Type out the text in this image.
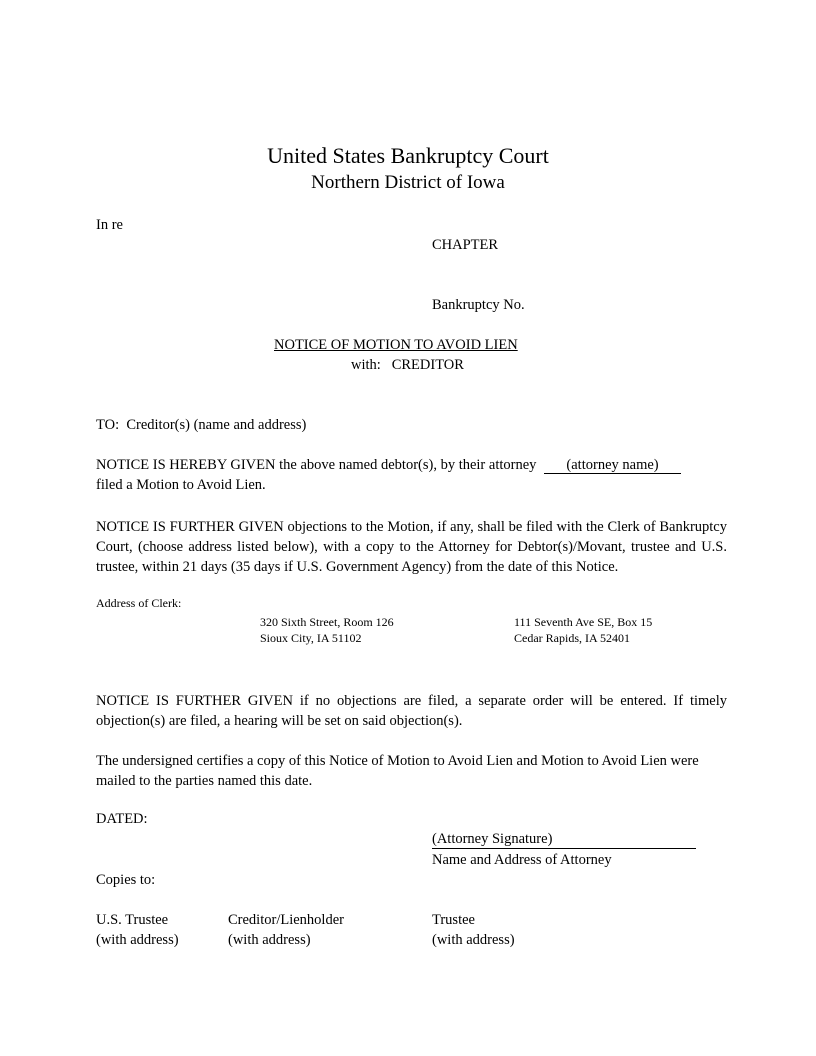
United States Bankruptcy Court
Northern District of Iowa
In re
CHAPTER
Bankruptcy No.
NOTICE OF MOTION TO AVOID LIEN
with: CREDITOR
TO:  Creditor(s) (name and address)
NOTICE IS HEREBY GIVEN the above named debtor(s), by their attorney (attorney name)
filed a Motion to Avoid Lien.
NOTICE IS FURTHER GIVEN objections to the Motion, if any, shall be filed with the Clerk of Bankruptcy Court, (choose address listed below), with a copy to the Attorney for Debtor(s)/Movant, trustee and U.S. trustee, within 21 days (35 days if U.S. Government Agency) from the date of this Notice.
Address of Clerk:
320 Sixth Street, Room 126
Sioux City, IA 51102
111 Seventh Ave SE, Box 15
Cedar Rapids, IA 52401
NOTICE IS FURTHER GIVEN if no objections are filed, a separate order will be entered. If timely objection(s) are filed, a hearing will be set on said objection(s).
The undersigned certifies a copy of this Notice of Motion to Avoid Lien and Motion to Avoid Lien were mailed to the parties named this date.
DATED:
(Attorney Signature)
Name and Address of Attorney
Copies to:
U.S. Trustee
(with address)
Creditor/Lienholder
(with address)
Trustee
(with address)
